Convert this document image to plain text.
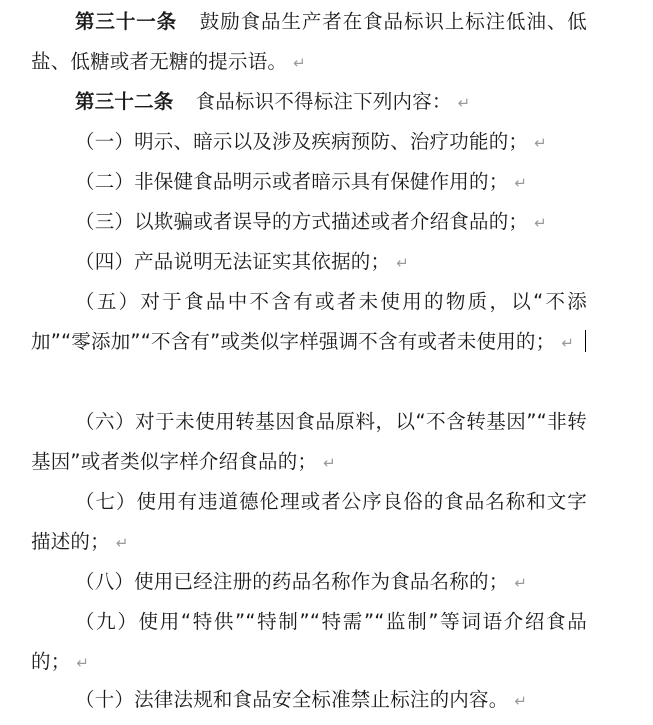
第三十一条 鼓励食品生产者在食品标识上标注低油、低盐、低糖或者无糖的提示语。 ↵

第三十二条 食品标识不得标注下列内容： ↵

（一）明示、暗示以及涉及疾病预防、治疗功能的； ↵

（二）非保健食品明示或者暗示具有保健作用的； ↵

（三）以欺骗或者误导的方式描述或者介绍食品的； ↵

（四）产品说明无法证实其依据的； ↵

（五）对于食品中不含有或者未使用的物质，以“不添加”“零添加”“不含有”或类似字样强调不含有或者未使用的； ↵

（六）对于未使用转基因食品原料，以“不含转基因”“非转基因”或者类似字样介绍食品的； ↵

（七）使用有违道德伦理或者公序良俗的食品名称和文字描述的； ↵

（八）使用已经注册的药品名称作为食品名称的； ↵

（九）使用“特供”“特制”“特需”“监制”等词语介绍食品的； ↵

（十）法律法规和食品安全标准禁止标注的内容。 ↵
